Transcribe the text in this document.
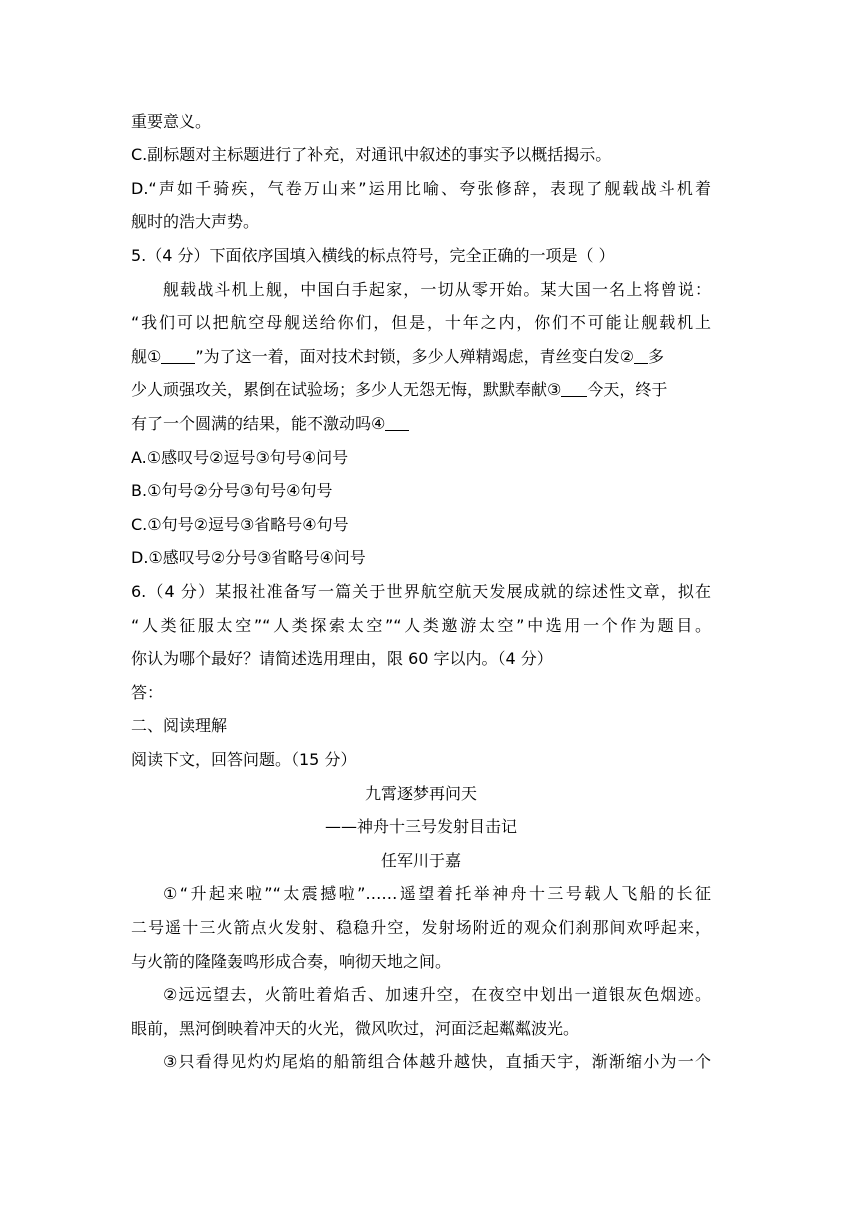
重要意义。
C.副标题对主标题进行了补充，对通讯中叙述的事实予以概括揭示。
D.“声如千骑疾，气卷万山来”运用比喻、夸张修辞，表现了舰载战斗机着
舰时的浩大声势。
5.（4 分）下面依序国填入横线的标点符号，完全正确的一项是（ ）
舰载战斗机上舰，中国白手起家，一切从零开始。某大国一名上将曾说：
“我们可以把航空母舰送给你们，但是，十年之内，你们不可能让舰载机上
舰① ”为了这一着，面对技术封锁，多少人殚精竭虑，青丝变白发② 多
少人顽强攻关，累倒在试验场；多少人无怨无悔，默默奉献③ 今天，终于
有了一个圆满的结果，能不激动吗④
A.①感叹号②逗号③句号④问号
B.①句号②分号③句号④句号
C.①句号②逗号③省略号④句号
D.①感叹号②分号③省略号④问号
6.（4 分）某报社准备写一篇关于世界航空航天发展成就的综述性文章，拟在
“人类征服太空”“人类探索太空”“人类邀游太空”中选用一个作为题目。
你认为哪个最好？请简述选用理由，限 60 字以内。（4 分）
答：
二、阅读理解
阅读下文，回答问题。（15 分）
九霄逐梦再问天
——神舟十三号发射目击记
任军川于嘉
①“升起来啦”“太震撼啦”……遥望着托举神舟十三号载人飞船的长征
二号遥十三火箭点火发射、稳稳升空，发射场附近的观众们刹那间欢呼起来，
与火箭的隆隆轰鸣形成合奏，响彻天地之间。
②远远望去，火箭吐着焰舌、加速升空，在夜空中划出一道银灰色烟迹。
眼前，黑河倒映着冲天的火光，微风吹过，河面泛起粼粼波光。
③只看得见灼灼尾焰的船箭组合体越升越快，直插天宇，渐渐缩小为一个
